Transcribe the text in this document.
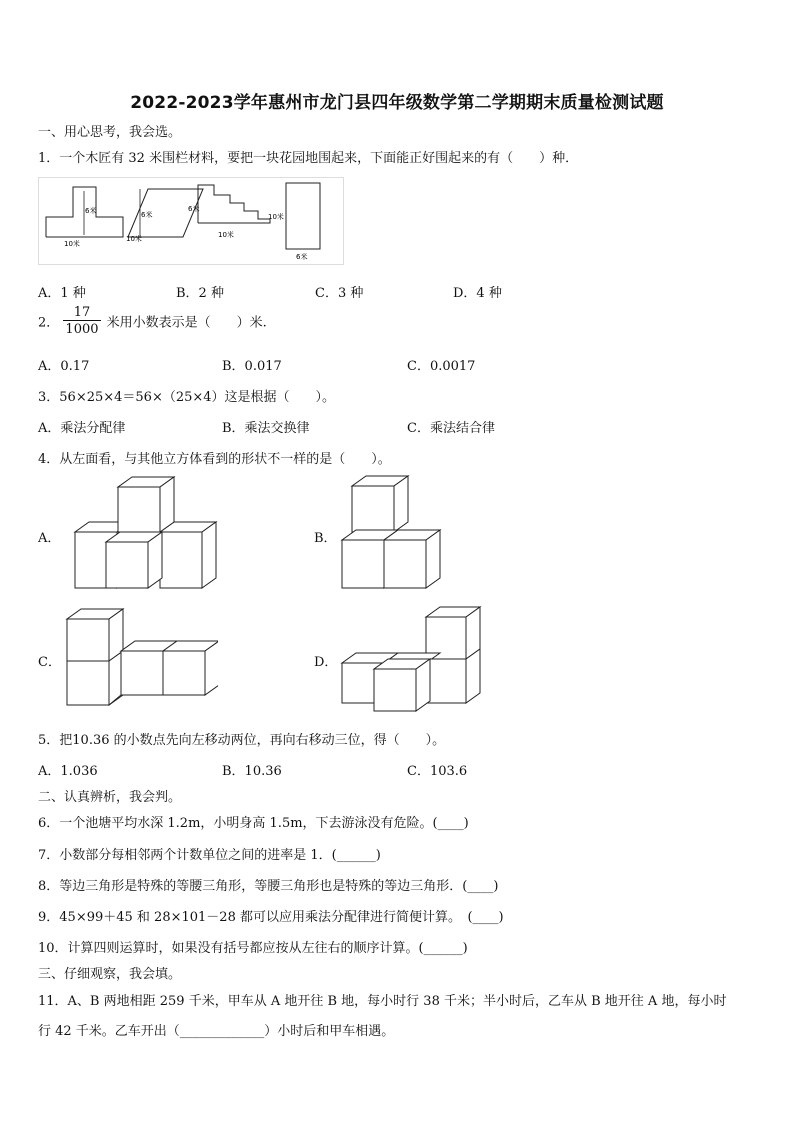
2022-2023学年惠州市龙门县四年级数学第二学期期末质量检测试题
一、用心思考，我会选。
1．一个木匠有 32 米围栏材料，要把一块花园地围起来，下面能正好围起来的有（　　）种．
6米
10米
6米
10米
6米
10米
10米
6米
A．1 种	B．2 种	C．3 种	D．4 种
2． $\frac{17}{1000}$ 米用小数表示是（　　）米.
A．0.17	B．0.017	C．0.0017
3．56×25×4＝56×（25×4）这是根据（　　）。
A．乘法分配律	B．乘法交换律	C．乘法结合律
4．从左面看，与其他立方体看到的形状不一样的是（　　）。
A．	B．
C．	D．
5．把10.36 的小数点先向左移动两位，再向右移动三位，得（　　）。
A．1.036	B．10.36	C．103.6
二、认真辨析，我会判。
6．一个池塘平均水深 1.2m，小明身高 1.5m，下去游泳没有危险。(____)
7．小数部分每相邻两个计数单位之间的进率是 1．(______)
8．等边三角形是特殊的等腰三角形，等腰三角形也是特殊的等边三角形．(____)
9．45×99＋45 和 28×101－28 都可以应用乘法分配律进行简便计算。　(____)
10．计算四则运算时，如果没有括号都应按从左往右的顺序计算。(______)
三、仔细观察，我会填。
11．A、B 两地相距 259 千米，甲车从 A 地开往 B 地，每小时行 38 千米；半小时后，乙车从 B 地开往 A 地，每小时
行 42 千米。乙车开出（_____________）小时后和甲车相遇。
